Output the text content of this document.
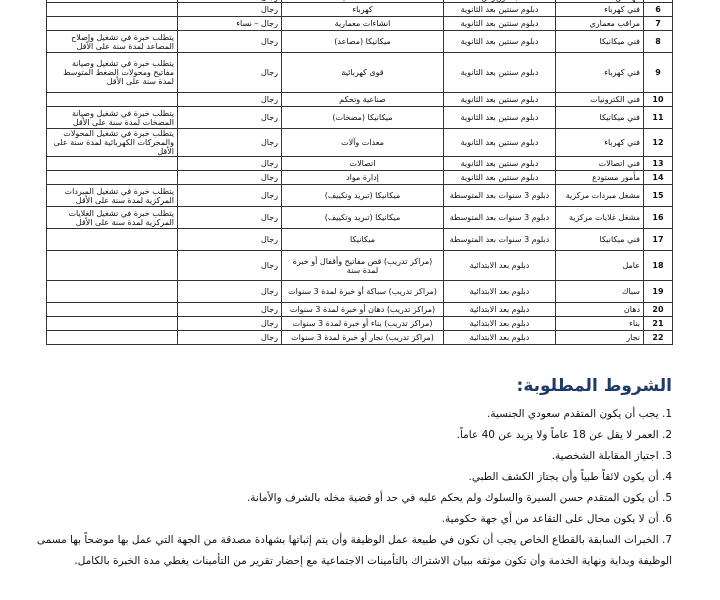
6	فني كهرباء	دبلوم سنتين بعد الثانوية	كهرباء	رجال	
7	مراقب معماري	دبلوم سنتين بعد الثانوية	انشاءات معمارية	رجال – نساء	
8	فني ميكانيكا	دبلوم سنتين بعد الثانوية	ميكانيكا (مصاعد)	رجال	يتطلب خبرة في تشغيل وإصلاح المصاعد لمدة سنة على الأقل
9	فني كهرباء	دبلوم سنتين بعد الثانوية	قوى كهربائية	رجال	يتطلب خبرة في تشغيل وصيانة مفاتيح ومحولات الضغط المتوسط لمدة سنة على الأقل
10	فني الكترونيات	دبلوم سنتين بعد الثانوية	صناعية وتحكم	رجال	
11	فني ميكانيكا	دبلوم سنتين بعد الثانوية	ميكانيكا (مضخات)	رجال	يتطلب خبرة في تشغيل وصيانة المضخات لمدة سنة على الأقل
12	فني كهرباء	دبلوم سنتين بعد الثانوية	معدات وآلات	رجال	يتطلب خبرة في تشغيل المحولات والمحركات الكهربائية لمدة سنة على الأقل
13	فني اتصالات	دبلوم سنتين بعد الثانوية	اتصالات	رجال	
14	مأمور مستودع	دبلوم سنتين بعد الثانوية	إدارة مواد	رجال	
15	مشغل مبردات مركزية	دبلوم 3 سنوات بعد المتوسطة	ميكانيكا (تبريد وتكييف)	رجال	يتطلب خبرة في تشغيل المبردات المركزية لمدة سنة على الأقل
16	مشغل غلايات مركزية	دبلوم 3 سنوات بعد المتوسطة	ميكانيكا (تبريد وتكييف)	رجال	يتطلب خبرة في تشغيل الغلايات المركزية لمدة سنة على الأقل
17	فني ميكانيكا	دبلوم 3 سنوات بعد المتوسطة	ميكانيكا	رجال	
18	عامل	دبلوم بعد الابتدائية	(مراكز تدريب) قص مفاتيح وأقفال أو خبرة لمدة سنة	رجال	
19	سباك	دبلوم بعد الابتدائية	(مراكز تدريب) سباكة أو خبرة لمدة 3 سنوات	رجال	
20	دهان	دبلوم بعد الابتدائية	(مراكز تدريب) دهان أو خبرة لمدة 3 سنوات	رجال	
21	بناء	دبلوم بعد الابتدائية	(مراكز تدريب) بناء أو خبرة لمدة 3 سنوات	رجال	
22	نجار	دبلوم بعد الابتدائية	(مراكز تدريب) نجار أو خبرة لمدة 3 سنوات	رجال	
الشروط المطلوبة:
1. يجب أن يكون المتقدم سعودي الجنسية.
2. العمر لا يقل عن 18 عاماً ولا يزيد عن 40 عاماً.
3. اجتياز المقابلة الشخصية.
4. أن يكون لائقاً طبياً وأن يجتاز الكشف الطبي.
5. أن يكون المتقدم حسن السيرة والسلوك ولم يحكم عليه في حد أو قضية مخله بالشرف والأمانة.
6. أن لا يكون محال على التقاعد من أي جهة حكومية.
7. الخبرات السابقة بالقطاع الخاص يجب أن تكون في طبيعة عمل الوظيفة وأن يتم إثباتها بشهادة مصدقة من الجهة التي عمل بها موضحاً بها مسمى الوظيفة وبداية ونهاية الخدمة وأن تكون موثقه ببيان الاشتراك بالتأمينات الاجتماعية مع إحضار تقرير من التأمينات يغطي مدة الخبرة بالكامل.
